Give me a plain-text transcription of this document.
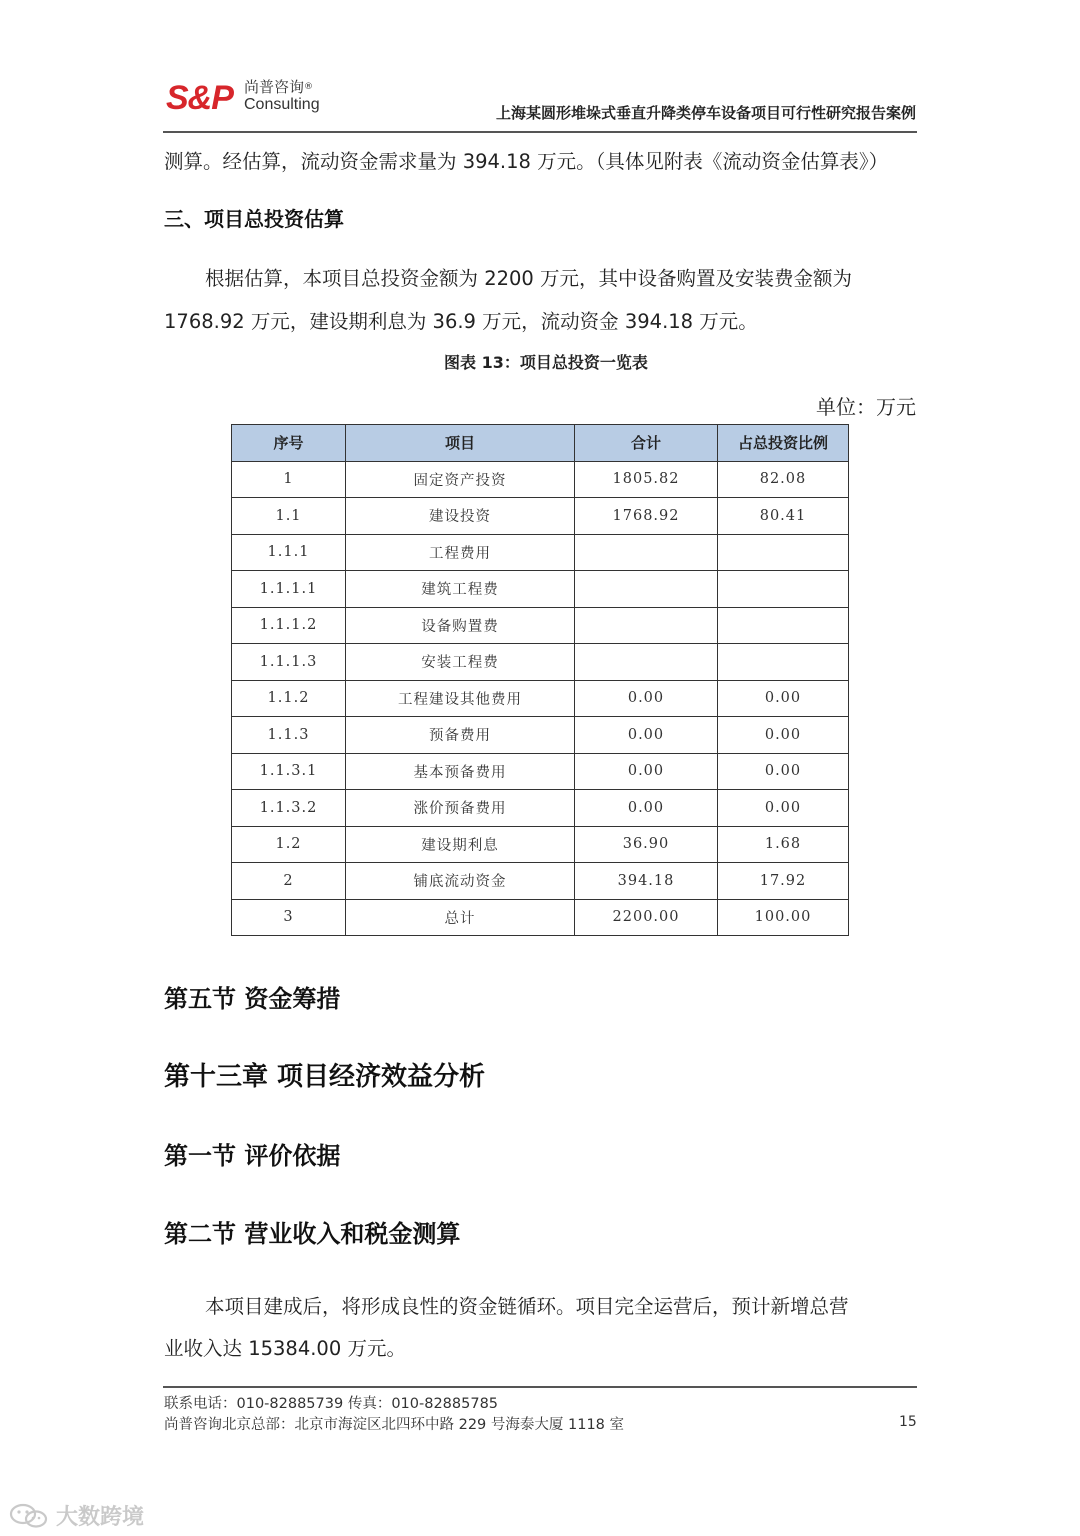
S&P 尚普咨询®
Consulting	上海某圆形堆垛式垂直升降类停车设备项目可行性研究报告案例
测算。经估算，流动资金需求量为 394.18 万元。（具体见附表《流动资金估算表》）
三、项目总投资估算
根据估算，本项目总投资金额为 2200 万元，其中设备购置及安装费金额为
1768.92 万元，建设期利息为 36.9 万元，流动资金 394.18 万元。
图表 13：项目总投资一览表
单位：万元
序号	项目	合计	占总投资比例
1	固定资产投资	1805.82	82.08
1.1	建设投资	1768.92	80.41
1.1.1	工程费用		
1.1.1.1	建筑工程费		
1.1.1.2	设备购置费		
1.1.1.3	安装工程费		
1.1.2	工程建设其他费用	0.00	0.00
1.1.3	预备费用	0.00	0.00
1.1.3.1	基本预备费用	0.00	0.00
1.1.3.2	涨价预备费用	0.00	0.00
1.2	建设期利息	36.90	1.68
2	铺底流动资金	394.18	17.92
3	总计	2200.00	100.00
第五节 资金筹措
第十三章 项目经济效益分析
第一节 评价依据
第二节 营业收入和税金测算
本项目建成后，将形成良性的资金链循环。项目完全运营后，预计新增总营
业收入达 15384.00 万元。
联系电话：010-82885739 传真：010-82885785
尚普咨询北京总部：北京市海淀区北四环中路 229 号海泰大厦 1118 室	15
大数跨境
